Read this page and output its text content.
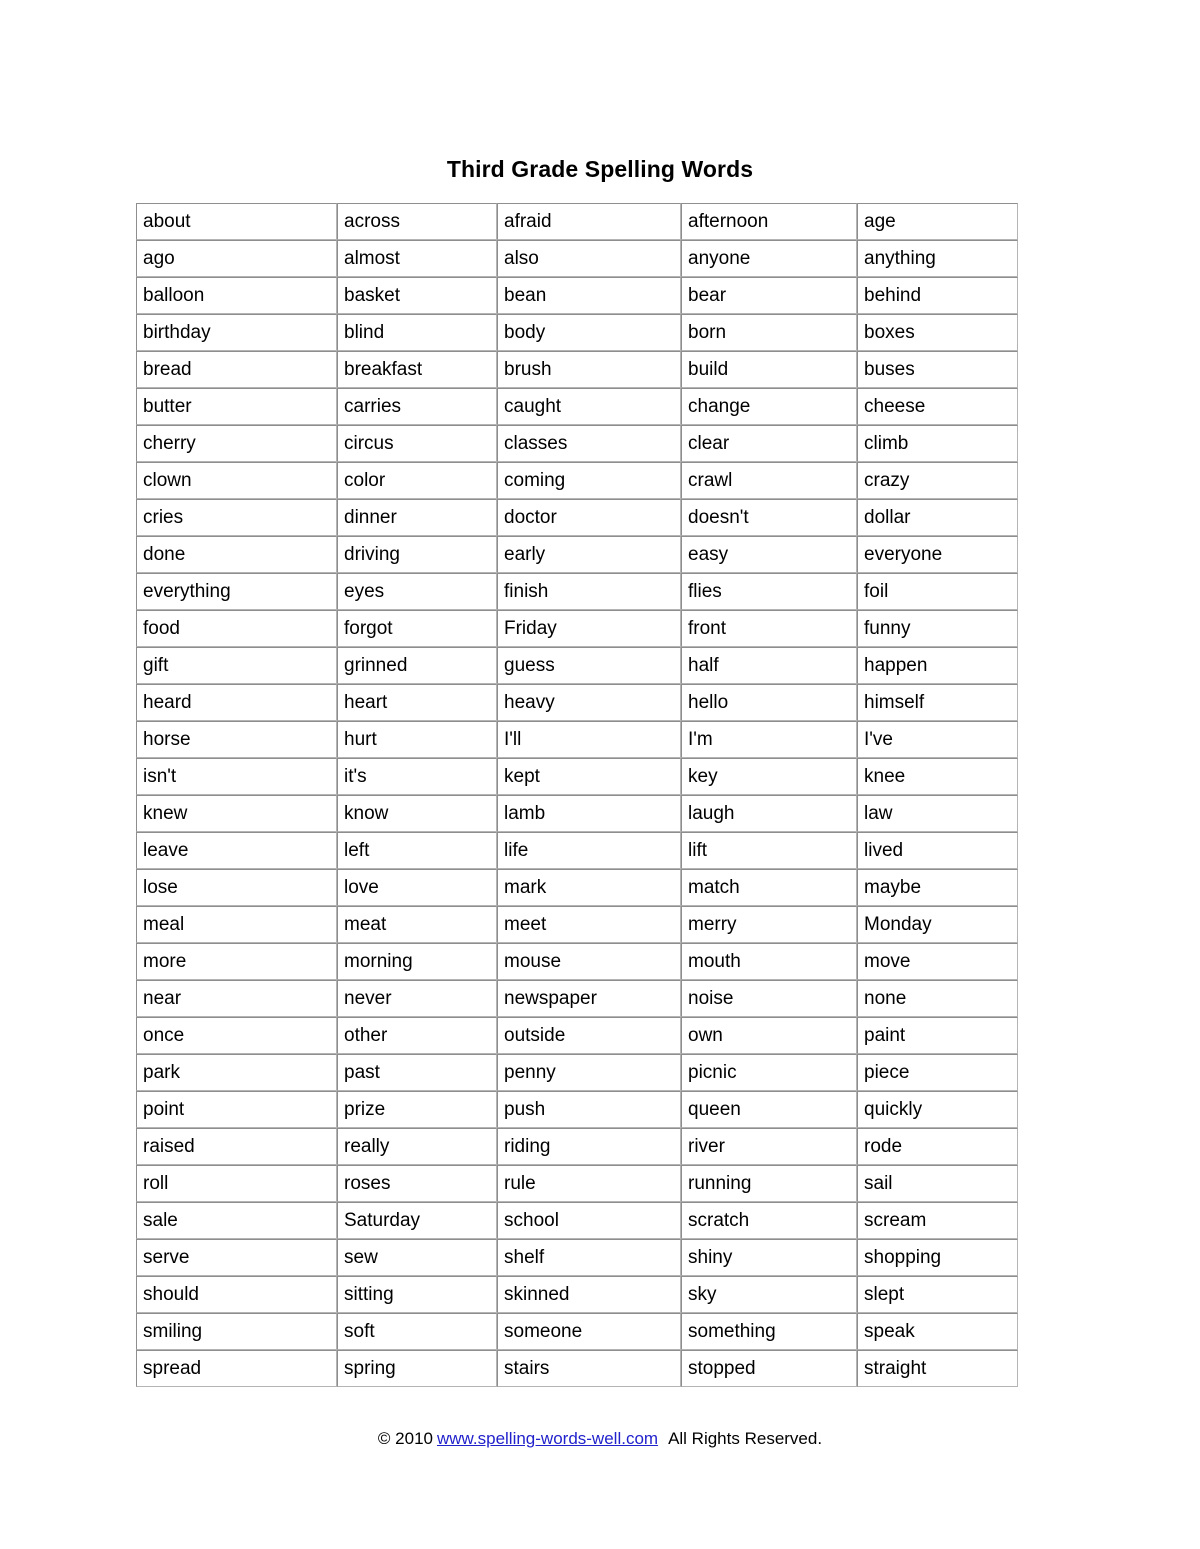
Third Grade Spelling Words
about	across	afraid	afternoon	age
ago	almost	also	anyone	anything
balloon	basket	bean	bear	behind
birthday	blind	body	born	boxes
bread	breakfast	brush	build	buses
butter	carries	caught	change	cheese
cherry	circus	classes	clear	climb
clown	color	coming	crawl	crazy
cries	dinner	doctor	doesn't	dollar
done	driving	early	easy	everyone
everything	eyes	finish	flies	foil
food	forgot	Friday	front	funny
gift	grinned	guess	half	happen
heard	heart	heavy	hello	himself
horse	hurt	I'll	I'm	I've
isn't	it's	kept	key	knee
knew	know	lamb	laugh	law
leave	left	life	lift	lived
lose	love	mark	match	maybe
meal	meat	meet	merry	Monday
more	morning	mouse	mouth	move
near	never	newspaper	noise	none
once	other	outside	own	paint
park	past	penny	picnic	piece
point	prize	push	queen	quickly
raised	really	riding	river	rode
roll	roses	rule	running	sail
sale	Saturday	school	scratch	scream
serve	sew	shelf	shiny	shopping
should	sitting	skinned	sky	slept
smiling	soft	someone	something	speak
spread	spring	stairs	stopped	straight
© 2010 www.spelling-words-well.com All Rights Reserved.
